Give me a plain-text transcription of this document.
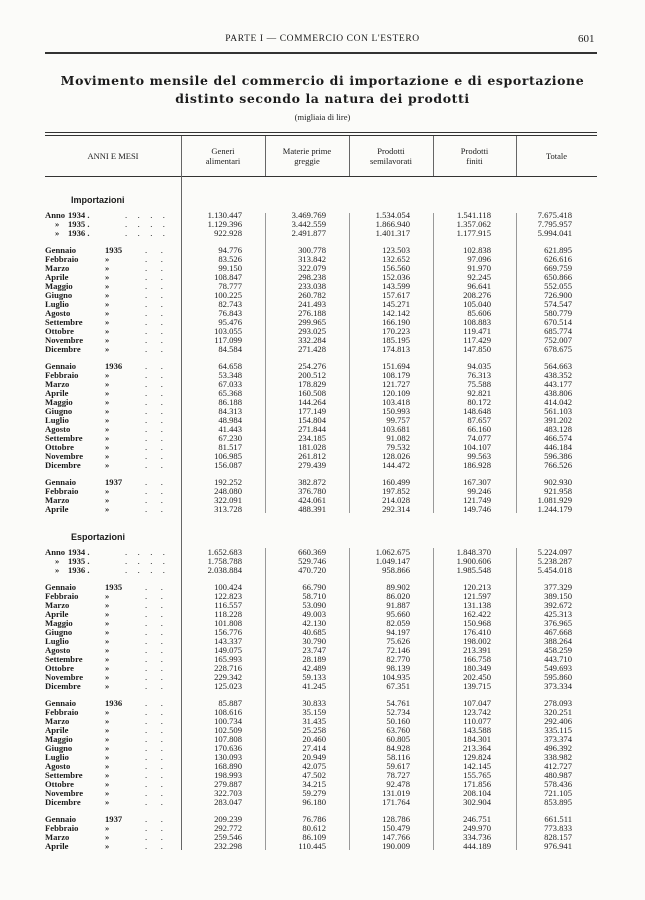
PARTE I — COMMERCIO CON L'ESTERO	601
Movimento mensile del commercio di importazione e di esportazione
distinto secondo la natura dei prodotti
(migliaia di lire)
ANNI E MESI	Generi
alimentari
Materie prime
greggie
Prodotti
semilavorati
Prodotti
finiti	Totale
Importazioni
Anno 1934 .	.   .   .   .	1.130.447	3.469.769	1.534.054	1.541.118	7.675.418
» 1935 .	.   .   .   .	1.129.396	3.442.559	1.866.940	1.357.062	7.795.957
» 1936 .	.   .   .   .	922.928	2.491.877	1.401.317	1.177.915	5.994.041
Gennaio	1935	.    .	94.776	300.778	123.503	102.838	621.895
Febbraio	»	.    .	83.526	313.842	132.652	97.096	626.616
Marzo	»	.    .	99.150	322.079	156.560	91.970	669.759
Aprile	»	.    .	108.847	298.238	152.036	92.245	650.866
Maggio	»	.    .	78.777	233.038	143.599	96.641	552.055
Giugno	»	.    .	100.225	260.782	157.617	208.276	726.900
Luglio	»	.    .	82.743	241.493	145.271	105.040	574.547
Agosto	»	.    .	76.843	276.188	142.142	85.606	580.779
Settembre	»	.    .	95.476	299.965	166.190	108.883	670.514
Ottobre	»	.    .	103.055	293.025	170.223	119.471	685.774
Novembre	»	.    .	117.099	332.284	185.195	117.429	752.007
Dicembre	»	.    .	84.584	271.428	174.813	147.850	678.675
Gennaio	1936	.    .	64.658	254.276	151.694	94.035	564.663
Febbraio	»	.    .	53.348	200.512	108.179	76.313	438.352
Marzo	»	.    .	67.033	178.829	121.727	75.588	443.177
Aprile	»	.    .	65.368	160.508	120.109	92.821	438.806
Maggio	»	.    .	86.188	144.264	103.418	80.172	414.042
Giugno	»	.    .	84.313	177.149	150.993	148.648	561.103
Luglio	»	.    .	48.984	154.804	99.757	87.657	391.202
Agosto	»	.    .	41.443	271.844	103.681	66.160	483.128
Settembre	»	.    .	67.230	234.185	91.082	74.077	466.574
Ottobre	»	.    .	81.517	181.028	79.532	104.107	446.184
Novembre	»	.    .	106.985	261.812	128.026	99.563	596.386
Dicembre	»	.    .	156.087	279.439	144.472	186.928	766.526
Gennaio	1937	.    .	192.252	382.872	160.499	167.307	902.930
Febbraio	»	.    .	248.080	376.780	197.852	99.246	921.958
Marzo	»	.    .	322.091	424.061	214.028	121.749	1.081.929
Aprile	»	.    .	313.728	488.391	292.314	149.746	1.244.179
Esportazioni
Anno 1934 .	.   .   .   .	1.652.683	660.369	1.062.675	1.848.370	5.224.097
» 1935 .	.   .   .   .	1.758.788	529.746	1.049.147	1.900.606	5.238.287
» 1936 .	.   .   .   .	2.038.884	470.720	958.866	1.985.548	5.454.018
Gennaio	1935	.    .	100.424	66.790	89.902	120.213	377.329
Febbraio	»	.    .	122.823	58.710	86.020	121.597	389.150
Marzo	»	.    .	116.557	53.090	91.887	131.138	392.672
Aprile	»	.    .	118.228	49.003	95.660	162.422	425.313
Maggio	»	.    .	101.808	42.130	82.059	150.968	376.965
Giugno	»	.    .	156.776	40.685	94.197	176.410	467.668
Luglio	»	.    .	143.337	30.790	75.626	198.002	388.264
Agosto	»	.    .	149.075	23.747	72.146	213.391	458.259
Settembre	»	.    .	165.993	28.189	82.770	166.758	443.710
Ottobre	»	.    .	228.716	42.489	98.139	180.349	549.693
Novembre	»	.    .	229.342	59.133	104.935	202.450	595.860
Dicembre	»	.    .	125.023	41.245	67.351	139.715	373.334
Gennaio	1936	.    .	85.887	30.833	54.761	107.047	278.093
Febbraio	»	.    .	108.616	35.159	52.734	123.742	320.251
Marzo	»	.    .	100.734	31.435	50.160	110.077	292.406
Aprile	»	.    .	102.509	25.258	63.760	143.588	335.115
Maggio	»	.    .	107.808	20.460	60.805	184.301	373.374
Giugno	»	.    .	170.636	27.414	84.928	213.364	496.392
Luglio	»	.    .	130.093	20.949	58.116	129.824	338.982
Agosto	»	.    .	168.890	42.075	59.617	142.145	412.727
Settembre	»	.    .	198.993	47.502	78.727	155.765	480.987
Ottobre	»	.    .	279.887	34.215	92.478	171.856	578.436
Novembre	»	.    .	322.703	59.279	131.019	208.104	721.105
Dicembre	»	.    .	283.047	96.180	171.764	302.904	853.895
Gennaio	1937	.    .	209.239	76.786	128.786	246.751	661.511
Febbraio	»	.    .	292.772	80.612	150.479	249.970	773.833
Marzo	»	.    .	259.546	86.109	147.766	334.736	828.157
Aprile	»	.    .	232.298	110.445	190.009	444.189	976.941
